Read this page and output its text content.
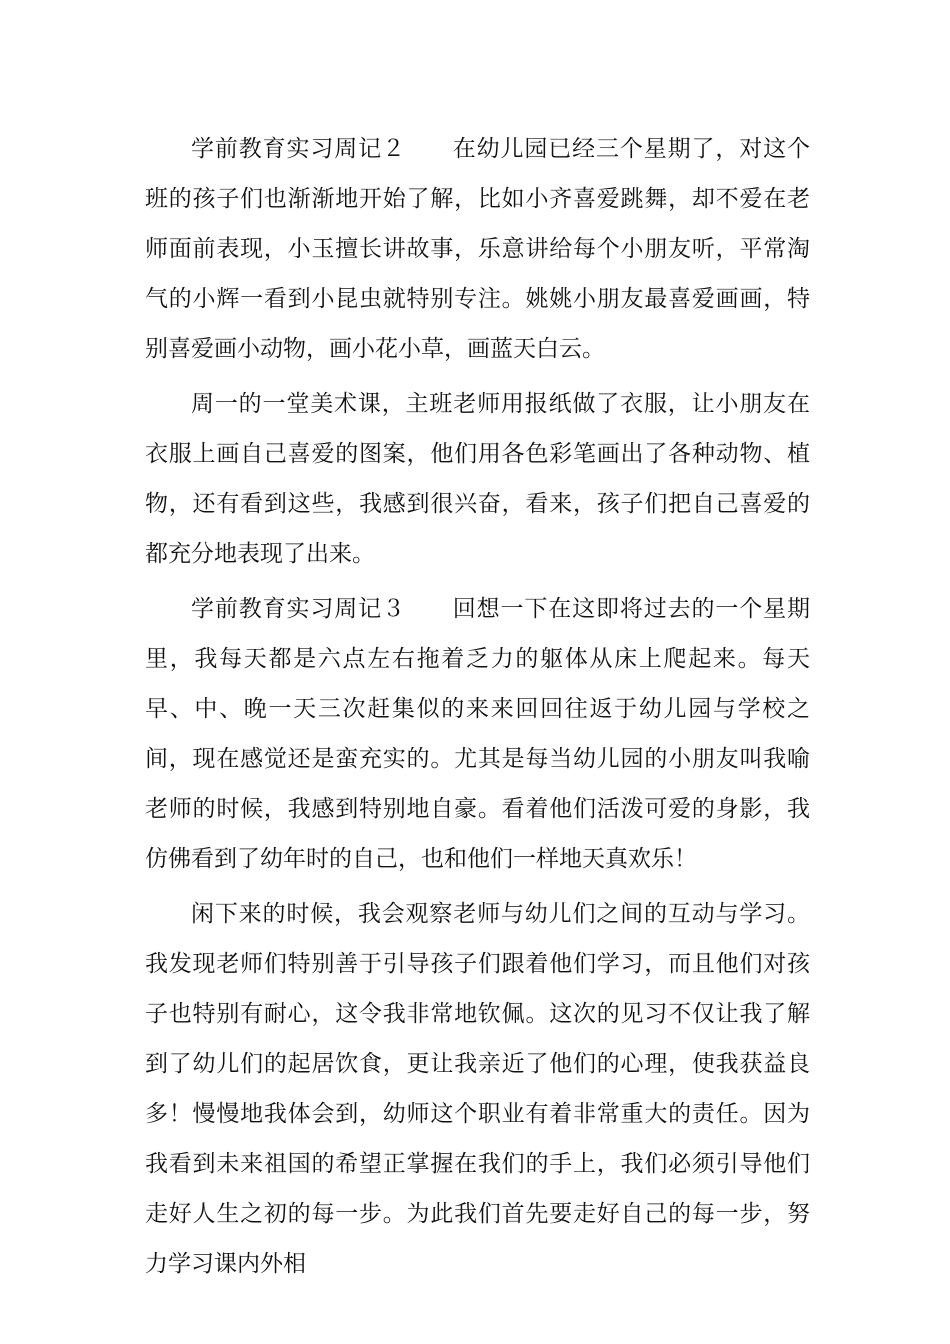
学前教育实习周记２ 在幼儿园已经三个星期了，对这个班的孩子们也渐渐地开始了解，比如小齐喜爱跳舞，却不爱在老师面前表现，小玉擅长讲故事，乐意讲给每个小朋友听，平常淘气的小辉一看到小昆虫就特别专注。姚姚小朋友最喜爱画画，特别喜爱画小动物，画小花小草，画蓝天白云。

周一的一堂美术课，主班老师用报纸做了衣服，让小朋友在衣服上画自己喜爱的图案，他们用各色彩笔画出了各种动物、植物，还有看到这些，我感到很兴奋，看来，孩子们把自己喜爱的都充分地表现了出来。

学前教育实习周记３ 回想一下在这即将过去的一个星期里，我每天都是六点左右拖着乏力的躯体从床上爬起来。每天早、中、晚一天三次赶集似的来来回回往返于幼儿园与学校之间，现在感觉还是蛮充实的。尤其是每当幼儿园的小朋友叫我喻老师的时候，我感到特别地自豪。看着他们活泼可爱的身影，我仿佛看到了幼年时的自己，也和他们一样地天真欢乐！

闲下来的时候，我会观察老师与幼儿们之间的互动与学习。我发现老师们特别善于引导孩子们跟着他们学习，而且他们对孩子也特别有耐心，这令我非常地钦佩。这次的见习不仅让我了解到了幼儿们的起居饮食，更让我亲近了他们的心理，使我获益良多！慢慢地我体会到，幼师这个职业有着非常重大的责任。因为我看到未来祖国的希望正掌握在我们的手上，我们必须引导他们走好人生之初的每一步。为此我们首先要走好自己的每一步，努力学习课内外相
